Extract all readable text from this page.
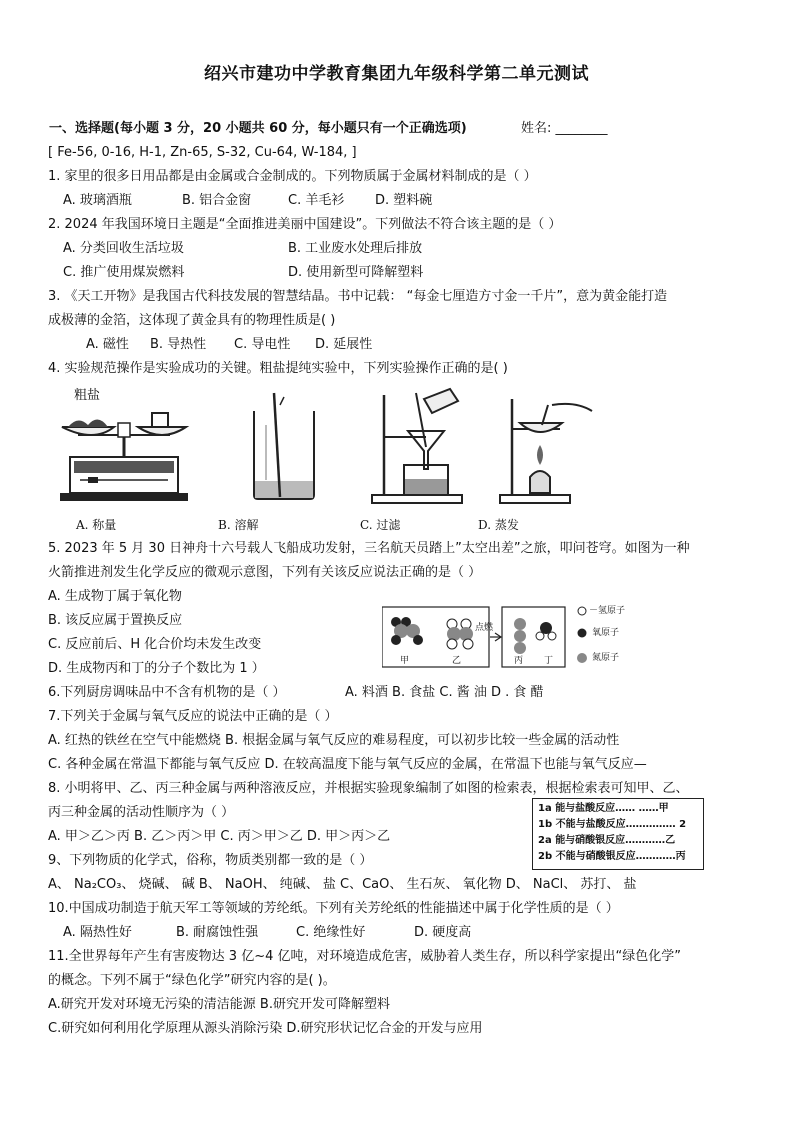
绍兴市建功中学教育集团九年级科学第二单元测试
一、选择题(每小题 3 分，20 小题共 60 分，每小题只有一个正确选项)	姓名: ________
[ Fe-56, 0-16, H-1, Zn-65, S-32, Cu-64, W-184, ]
1. 家里的很多日用品都是由金属或合金制成的。下列物质属于金属材料制成的是（ ）
A. 玻璃酒瓶	B. 铝合金窗	C. 羊毛衫 D. 塑料碗
2. 2024 年我国环境日主题是“全面推进美丽中国建设”。下列做法不符合该主题的是（ ）
A. 分类回收生活垃圾	B. 工业废水处理后排放
C. 推广使用煤炭燃料	D. 使用新型可降解塑料
3. 《天工开物》是我国古代科技发展的智慧结晶。书中记载： “每金七厘造方寸金一千片”，意为黄金能打造
成极薄的金箔，这体现了黄金具有的物理性质是( )
A. 磁性 B. 导热性 C. 导电性 D. 延展性
4. 实验规范操作是实验成功的关键。粗盐提纯实验中，下列实验操作正确的是( )
粗盐
A. 称量	B. 溶解	C. 过滤	D. 蒸发
5. 2023 年 5 月 30 日神舟十六号载人飞船成功发射，三名航天员踏上”太空出差”之旅，叩问苍穹。如图为一种
火箭推进剂发生化学反应的微观示意图，下列有关该反应说法正确的是（ ）
A. 生成物丁属于氧化物
B. 该反应属于置换反应
C. 反应前后、H 化合价均未发生改变
D. 生成物丙和丁的分子个数比为 1 ）
点燃
甲	乙	丙 丁
－氢原子
氧原子
氮原子
6.下列厨房调味品中不含有机物的是（ ）	A. 料酒 B. 食盐 C. 酱 油 D . 食 醋
7.下列关于金属与氧气反应的说法中正确的是（ ）
A. 红热的铁丝在空气中能燃烧 B. 根据金属与氧气反应的难易程度，可以初步比较一些金属的活动性
C. 各种金属在常温下都能与氧气反应 D. 在较高温度下能与氧气反应的金属，在常温下也能与氧气反应—
8. 小明将甲、乙、丙三种金属与两种溶液反应，并根据实验现象编制了如图的检索表，根据检索表可知甲、乙、
丙三种金属的活动性顺序为（ ）
A. 甲＞乙＞丙 B. 乙＞丙＞甲 C. 丙＞甲＞乙 D. 甲＞丙＞乙
1a 能与盐酸反应…… ……甲
1b 不能与盐酸反应…………… 2
2a 能与硝酸银反应…………乙
2b 不能与硝酸银反应…………丙
9、下列物质的化学式，俗称，物质类别都一致的是（ ）
A、 Na₂CO₃、 烧碱、 碱 B、 NaOH、 纯碱、 盐 C、CaO、 生石灰、 氧化物 D、 NaCl、 苏打、 盐
10.中国成功制造于航天军工等领域的芳纶纸。下列有关芳纶纸的性能描述中属于化学性质的是（ ）
A. 隔热性好	B. 耐腐蚀性强	C. 绝缘性好	D. 硬度高
11.全世界每年产生有害废物达 3 亿~4 亿吨，对环境造成危害，威胁着人类生存，所以科学家提出“绿色化学”
的概念。下列不属于“绿色化学”研究内容的是( )。
A.研究开发对环境无污染的清洁能源 B.研究开发可降解塑料
C.研究如何利用化学原理从源头消除污染 D.研究形状记忆合金的开发与应用
